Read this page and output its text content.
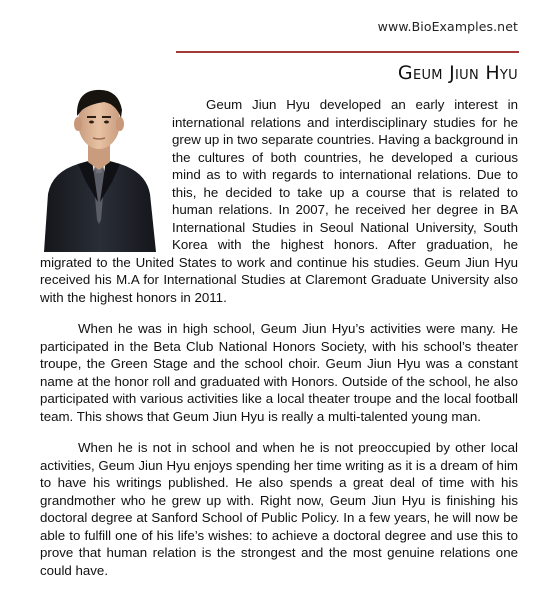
www.BioExamples.net
Geum Jiun Hyu

Geum Jiun Hyu developed an early interest in international relations and interdisciplinary studies for he grew up in two separate countries. Having a background in the cultures of both countries, he developed a curious mind as to with regards to international relations. Due to this, he decided to take up a course that is related to human relations. In 2007, he received her degree in BA International Studies in Seoul National University, South Korea with the highest honors. After graduation, he migrated to the United States to work and continue his studies. Geum Jiun Hyu received his M.A for International Studies at Claremont Graduate University also with the highest honors in 2011.

When he was in high school, Geum Jiun Hyu’s activities were many. He participated in the Beta Club National Honors Society, with his school’s theater troupe, the Green Stage and the school choir. Geum Jiun Hyu was a constant name at the honor roll and graduated with Honors. Outside of the school, he also participated with various activities like a local theater troupe and the local football team. This shows that Geum Jiun Hyu is really a multi-talented young man.

When he is not in school and when he is not preoccupied by other local activities, Geum Jiun Hyu enjoys spending her time writing as it is a dream of him to have his writings published. He also spends a great deal of time with his grandmother who he grew up with. Right now, Geum Jiun Hyu is finishing his doctoral degree at Sanford School of Public Policy. In a few years, he will now be able to fulfill one of his life’s wishes: to achieve a doctoral degree and use this to prove that human relation is the strongest and the most genuine relations one could have.
